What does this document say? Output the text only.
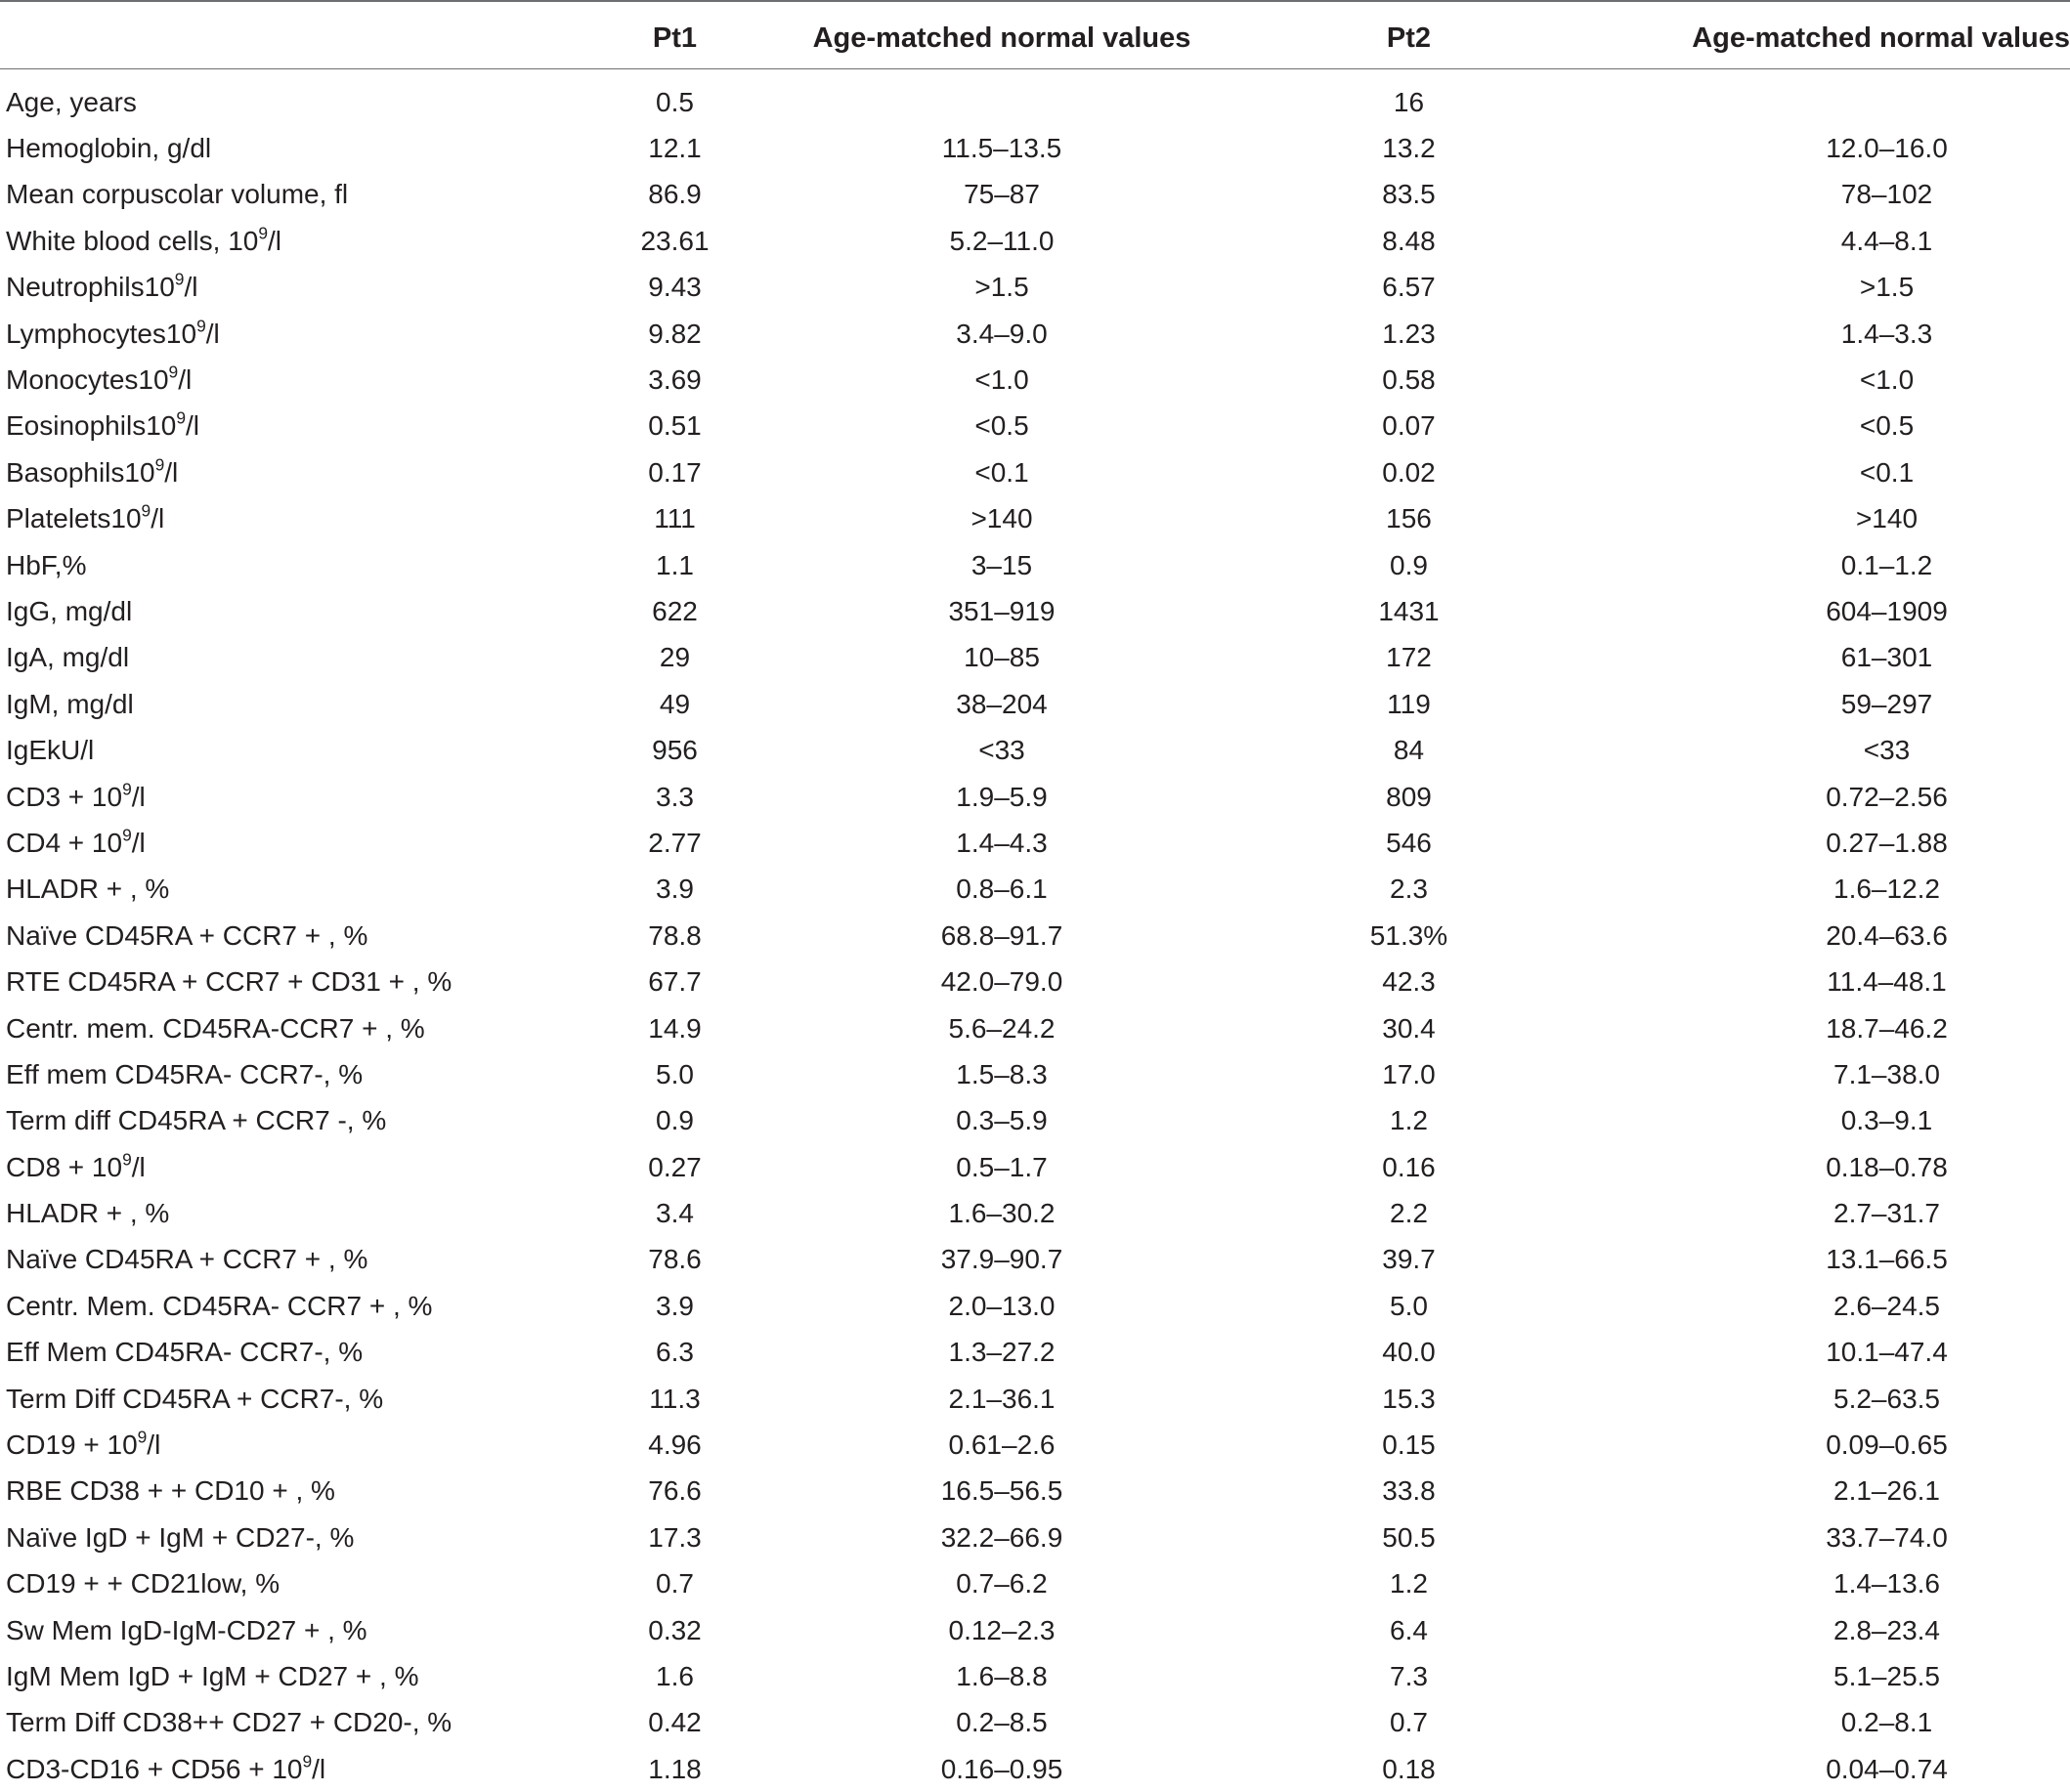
	Pt1	Age-matched normal values	Pt2	Age-matched normal values
Age, years	0.5		16	
Hemoglobin, g/dl	12.1	11.5–13.5	13.2	12.0–16.0
Mean corpuscolar volume, fl	86.9	75–87	83.5	78–102
White blood cells, $10^9/l$	23.61	5.2–11.0	8.48	4.4–8.1
$Neutrophils10^9/l$	9.43	>1.5	6.57	>1.5
$Lymphocytes10^9/l$	9.82	3.4–9.0	1.23	1.4–3.3
$Monocytes10^9/l$	3.69	<1.0	0.58	<1.0
$Eosinophils10^9/l$	0.51	<0.5	0.07	<0.5
$Basophils10^9/l$	0.17	<0.1	0.02	<0.1
$Platelets10^9/l$	111	>140	156	>140
HbF,%	1.1	3–15	0.9	0.1–1.2
IgG, mg/dl	622	351–919	1431	604–1909
IgA, mg/dl	29	10–85	172	61–301
IgM, mg/dl	49	38–204	119	59–297
IgEkU/l	956	<33	84	<33
$CD3 + 10^9/l$	3.3	1.9–5.9	809	0.72–2.56
$CD4 + 10^9/l$	2.77	1.4–4.3	546	0.27–1.88
HLADR + , %	3.9	0.8–6.1	2.3	1.6–12.2
Naïve CD45RA + CCR7 + , %	78.8	68.8–91.7	51.3%	20.4–63.6
RTE CD45RA + CCR7 + CD31 + , %	67.7	42.0–79.0	42.3	11.4–48.1
Centr. mem. CD45RA-CCR7 + , %	14.9	5.6–24.2	30.4	18.7–46.2
Eff mem CD45RA- CCR7-, %	5.0	1.5–8.3	17.0	7.1–38.0
Term diff CD45RA + CCR7 -, %	0.9	0.3–5.9	1.2	0.3–9.1
$CD8 + 10^9/l$	0.27	0.5–1.7	0.16	0.18–0.78
HLADR + , %	3.4	1.6–30.2	2.2	2.7–31.7
Naïve CD45RA + CCR7 + , %	78.6	37.9–90.7	39.7	13.1–66.5
Centr. Mem. CD45RA- CCR7 + , %	3.9	2.0–13.0	5.0	2.6–24.5
Eff Mem CD45RA- CCR7-, %	6.3	1.3–27.2	40.0	10.1–47.4
Term Diff CD45RA + CCR7-, %	11.3	2.1–36.1	15.3	5.2–63.5
$CD19 + 10^9/l$	4.96	0.61–2.6	0.15	0.09–0.65
RBE CD38 + + CD10 + , %	76.6	16.5–56.5	33.8	2.1–26.1
Naïve IgD + IgM + CD27-, %	17.3	32.2–66.9	50.5	33.7–74.0
CD19 + + CD21low, %	0.7	0.7–6.2	1.2	1.4–13.6
Sw Mem IgD-IgM-CD27 + , %	0.32	0.12–2.3	6.4	2.8–23.4
IgM Mem IgD + IgM + CD27 + , %	1.6	1.6–8.8	7.3	5.1–25.5
Term Diff CD38++ CD27 + CD20-, %	0.42	0.2–8.5	0.7	0.2–8.1
$CD3-CD16 + CD56 + 10^9/l$	1.18	0.16–0.95	0.18	0.04–0.74
